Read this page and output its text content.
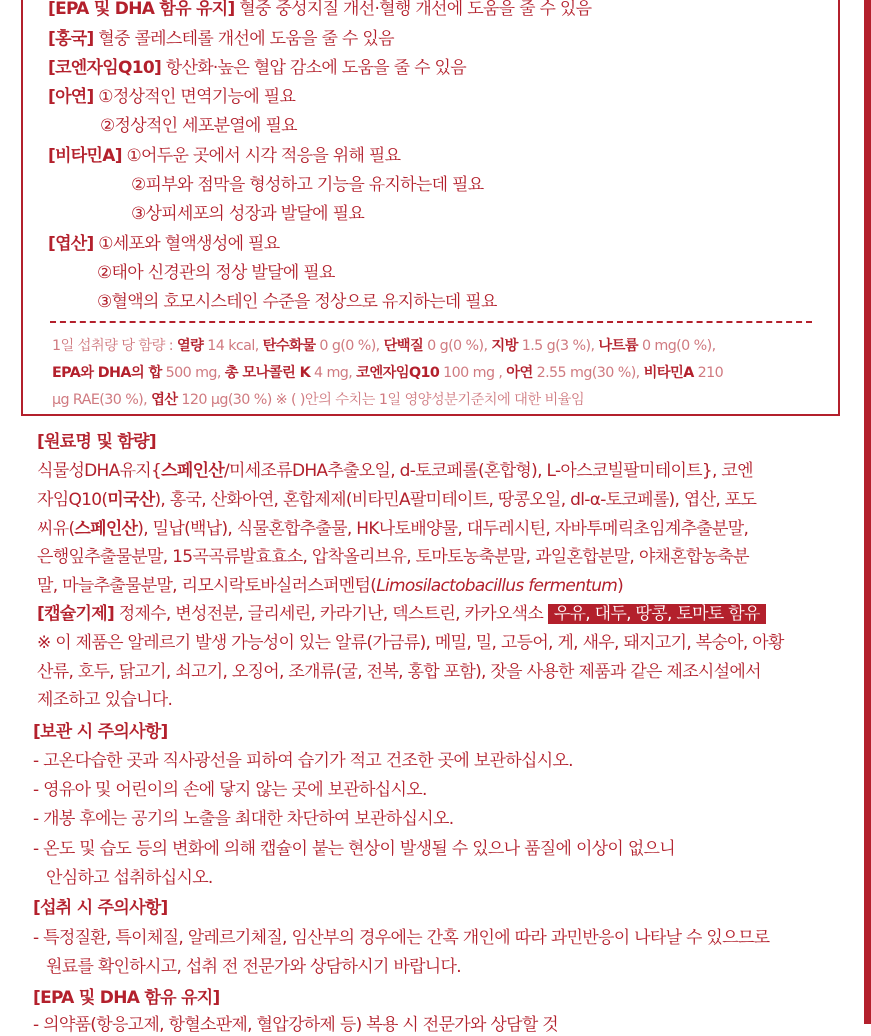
[EPA 및 DHA 함유 유지] 혈중 중성지질 개선·혈행 개선에 도움을 줄 수 있음
[홍국] 혈중 콜레스테롤 개선에 도움을 줄 수 있음
[코엔자임Q10] 항산화·높은 혈압 감소에 도움을 줄 수 있음
[아연] ①정상적인 면역기능에 필요
②정상적인 세포분열에 필요
[비타민A] ①어두운 곳에서 시각 적응을 위해 필요
②피부와 점막을 형성하고 기능을 유지하는데 필요
③상피세포의 성장과 발달에 필요
[엽산] ①세포와 혈액생성에 필요
②태아 신경관의 정상 발달에 필요
③혈액의 호모시스테인 수준을 정상으로 유지하는데 필요
1일 섭취량 당 함량 : 열량 14 kcal, 탄수화물 0 g(0 %), 단백질 0 g(0 %), 지방 1.5 g(3 %), 나트륨 0 mg(0 %),
EPA와 DHA의 합 500 mg, 총 모나콜린 K 4 mg, 코엔자임Q10 100 mg , 아연 2.55 mg(30 %), 비타민A 210
μg RAE(30 %), 엽산 120 μg(30 %) ※ ( )안의 수치는 1일 영양성분기준치에 대한 비율임
[원료명 및 함량]
식물성DHA유지{스페인산/미세조류DHA추출오일, d-토코페롤(혼합형), L-아스코빌팔미테이트}, 코엔
자임Q10(미국산), 홍국, 산화아연, 혼합제제(비타민A팔미테이트, 땅콩오일, dl-α-토코페롤), 엽산, 포도
씨유(스페인산), 밀납(백납), 식물혼합추출물, HK나토배양물, 대두레시틴, 자바투메릭초임계추출분말,
은행잎추출물분말, 15곡곡류발효효소, 압착올리브유, 토마토농축분말, 과일혼합분말, 야채혼합농축분
말, 마늘추출물분말, 리모시락토바실러스퍼멘텀(Limosilactobacillus fermentum)
[캡슐기제] 정제수, 변성전분, 글리세린, 카라기난, 덱스트린, 카카오색소 우유, 대두, 땅콩, 토마토 함유
※ 이 제품은 알레르기 발생 가능성이 있는 알류(가금류), 메밀, 밀, 고등어, 게, 새우, 돼지고기, 복숭아, 아황
산류, 호두, 닭고기, 쇠고기, 오징어, 조개류(굴, 전복, 홍합 포함), 잣을 사용한 제품과 같은 제조시설에서
제조하고 있습니다.
[보관 시 주의사항]
- 고온다습한 곳과 직사광선을 피하여 습기가 적고 건조한 곳에 보관하십시오.
- 영유아 및 어린이의 손에 닿지 않는 곳에 보관하십시오.
- 개봉 후에는 공기의 노출을 최대한 차단하여 보관하십시오.
- 온도 및 습도 등의 변화에 의해 캡슐이 붙는 현상이 발생될 수 있으나 품질에 이상이 없으니
안심하고 섭취하십시오.
[섭취 시 주의사항]
- 특정질환, 특이체질, 알레르기체질, 임산부의 경우에는 간혹 개인에 따라 과민반응이 나타날 수 있으므로
원료를 확인하시고, 섭취 전 전문가와 상담하시기 바랍니다.
[EPA 및 DHA 함유 유지]
- 의약품(항응고제, 항혈소판제, 혈압강하제 등) 복용 시 전문가와 상담할 것
